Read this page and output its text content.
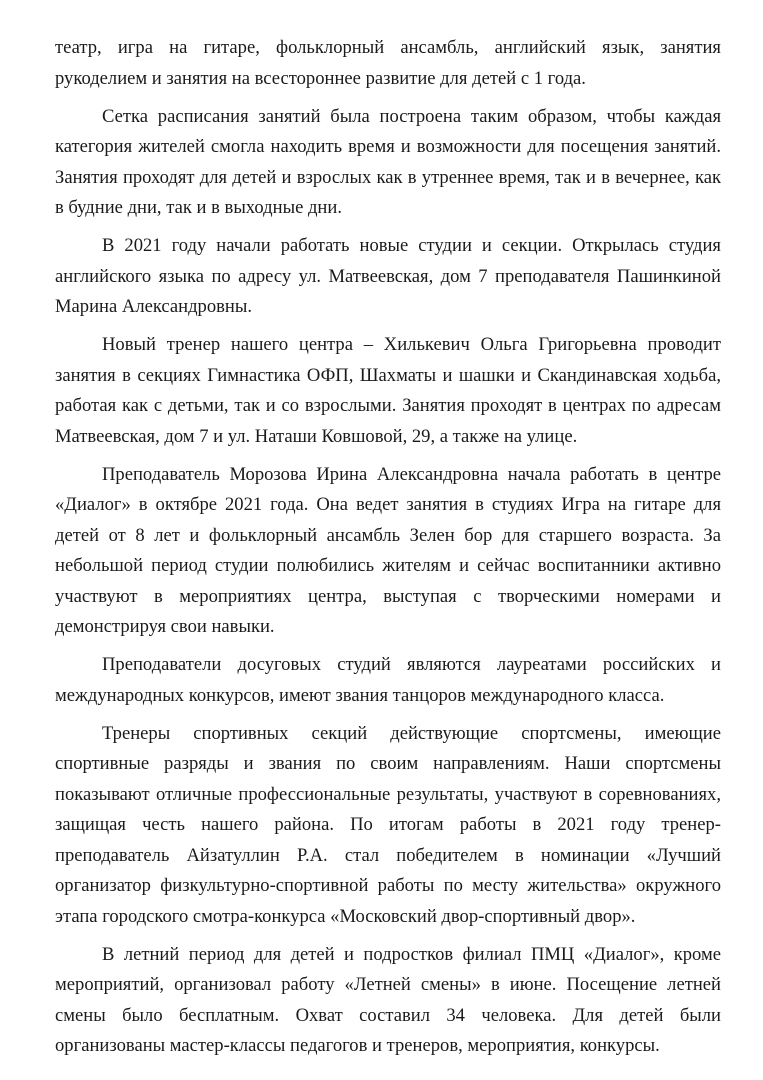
театр, игра на гитаре, фольклорный ансамбль, английский язык, занятия рукоделием и занятия на всестороннее развитие для детей с 1 года.

Сетка расписания занятий была построена таким образом, чтобы каждая категория жителей смогла находить время и возможности для посещения занятий. Занятия проходят для детей и взрослых как в утреннее время, так и в вечернее, как в будние дни, так и в выходные дни.

В 2021 году начали работать новые студии и секции. Открылась студия английского языка по адресу ул. Матвеевская, дом 7 преподавателя Пашинкиной Марина Александровны.

Новый тренер нашего центра – Хилькевич Ольга Григорьевна проводит занятия в секциях Гимнастика ОФП, Шахматы и шашки и Скандинавская ходьба, работая как с детьми, так и со взрослыми. Занятия проходят в центрах по адресам Матвеевская, дом 7 и ул. Наташи Ковшовой, 29, а также на улице.

Преподаватель Морозова Ирина Александровна начала работать в центре «Диалог» в октябре 2021 года. Она ведет занятия в студиях Игра на гитаре для детей от 8 лет и фольклорный ансамбль Зелен бор для старшего возраста. За небольшой период студии полюбились жителям и сейчас воспитанники активно участвуют в мероприятиях центра, выступая с творческими номерами и демонстрируя свои навыки.

Преподаватели досуговых студий являются лауреатами российских и международных конкурсов, имеют звания танцоров международного класса.

Тренеры спортивных секций действующие спортсмены, имеющие спортивные разряды и звания по своим направлениям. Наши спортсмены показывают отличные профессиональные результаты, участвуют в соревнованиях, защищая честь нашего района. По итогам работы в 2021 году тренер-преподаватель Айзатуллин Р.А. стал победителем в номинации «Лучший организатор физкультурно-спортивной работы по месту жительства» окружного этапа городского смотра-конкурса «Московский двор-спортивный двор».

В летний период для детей и подростков филиал ПМЦ «Диалог», кроме мероприятий, организовал работу «Летней смены» в июне. Посещение летней смены было бесплатным. Охват составил 34 человека. Для детей были организованы мастер-классы педагогов и тренеров, мероприятия, конкурсы.
